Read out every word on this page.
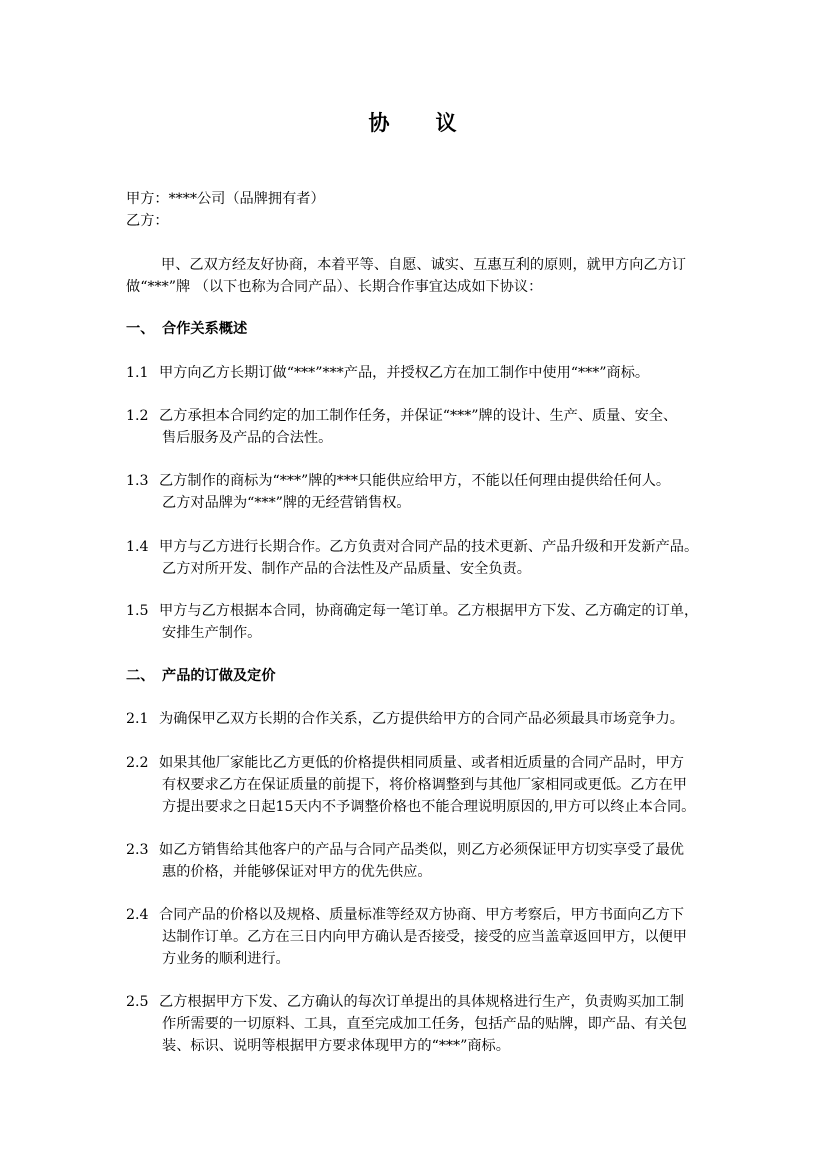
协 议
甲方：****公司（品牌拥有者）
乙方：
甲、乙双方经友好协商，本着平等、自愿、诚实、互惠互利的原则，就甲方向乙方订
做“***”牌 （以下也称为合同产品）、长期合作事宜达成如下协议：
一、 合作关系概述
1.1 甲方向乙方长期订做“***”***产品，并授权乙方在加工制作中使用“***”商标。
1.2 乙方承担本合同约定的加工制作任务，并保证“***”牌的设计、生产、质量、安全、
售后服务及产品的合法性。
1.3 乙方制作的商标为“***”牌的***只能供应给甲方，不能以任何理由提供给任何人。
乙方对品牌为“***”牌的无经营销售权。
1.4 甲方与乙方进行长期合作。乙方负责对合同产品的技术更新、产品升级和开发新产品。
乙方对所开发、制作产品的合法性及产品质量、安全负责。
1.5 甲方与乙方根据本合同，协商确定每一笔订单。乙方根据甲方下发、乙方确定的订单，
安排生产制作。
二、 产品的订做及定价
2.1 为确保甲乙双方长期的合作关系，乙方提供给甲方的合同产品必须最具市场竞争力。
2.2 如果其他厂家能比乙方更低的价格提供相同质量、或者相近质量的合同产品时，甲方
有权要求乙方在保证质量的前提下，将价格调整到与其他厂家相同或更低。乙方在甲
方提出要求之日起15天内不予调整价格也不能合理说明原因的,甲方可以终止本合同。
2.3 如乙方销售给其他客户的产品与合同产品类似，则乙方必须保证甲方切实享受了最优
惠的价格，并能够保证对甲方的优先供应。
2.4 合同产品的价格以及规格、质量标准等经双方协商、甲方考察后，甲方书面向乙方下
达制作订单。乙方在三日内向甲方确认是否接受，接受的应当盖章返回甲方，以便甲
方业务的顺利进行。
2.5 乙方根据甲方下发、乙方确认的每次订单提出的具体规格进行生产，负责购买加工制
作所需要的一切原料、工具，直至完成加工任务，包括产品的贴牌，即产品、有关包
装、标识、说明等根据甲方要求体现甲方的“***”商标。
